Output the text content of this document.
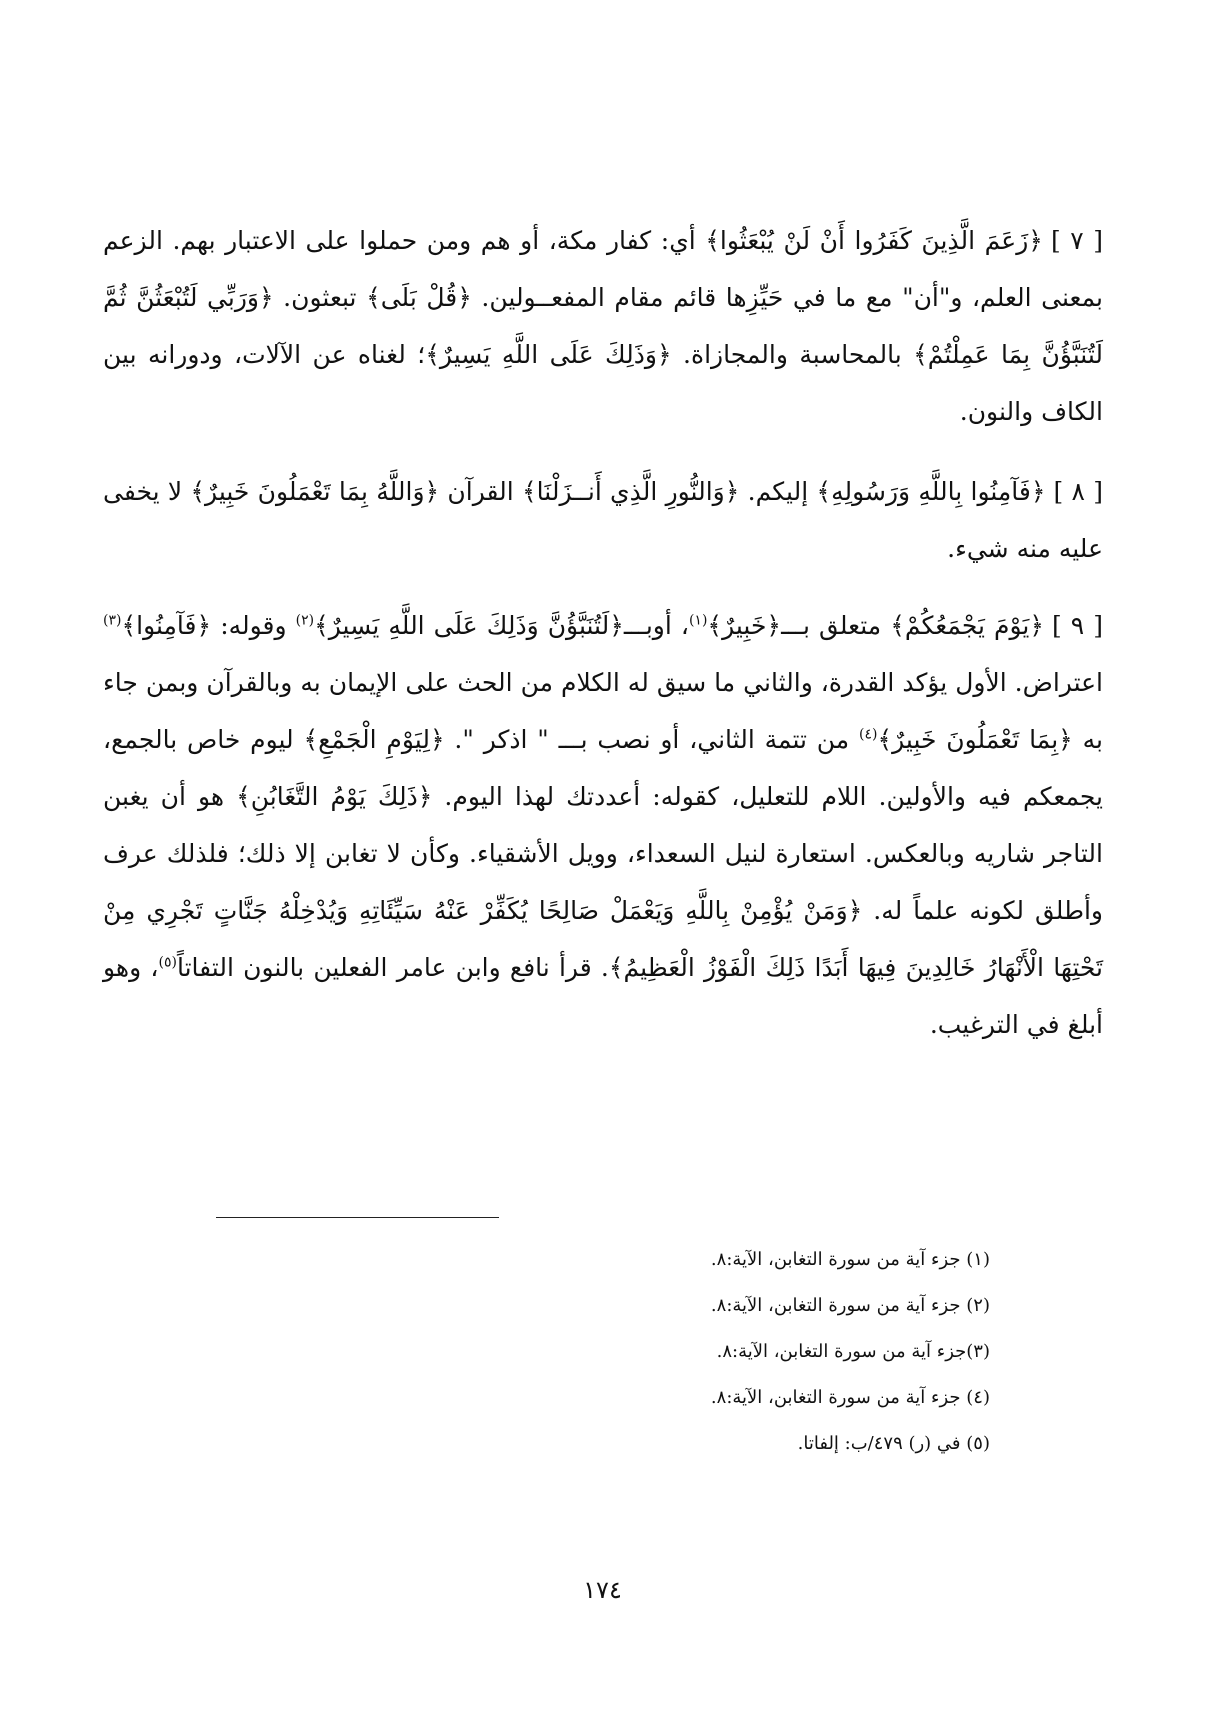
[ ٧ ]﴿زَعَمَ الَّذِينَ كَفَرُوا أَنْ لَنْ يُبْعَثُوا﴾ أي: كفار مكة، أو هم ومن حملوا على الاعتبار بهم. الزعم بمعنى العلم، و"أن" مع ما في حَيِّزِها قائم مقام المفعــولين. ﴿قُلْ بَلَى﴾ تبعثون. ﴿وَرَبِّي لَتُبْعَثُنَّ ثُمَّ لَتُنَبَّؤُنَّ بِمَا عَمِلْتُمْ﴾ بالمحاسبة والمجازاة. ﴿وَذَلِكَ عَلَى اللَّهِ يَسِيرٌ﴾؛ لغناه عن الآلات، ودورانه بين الكاف والنون.

[ ٨ ]﴿فَآمِنُوا بِاللَّهِ وَرَسُولِهِ﴾ إليكم. ﴿وَالنُّورِ الَّذِي أَنــزَلْنَا﴾ القرآن ﴿وَاللَّهُ بِمَا تَعْمَلُونَ خَبِيرٌ﴾ لا يخفى عليه منه شيء.

[ ٩ ]﴿يَوْمَ يَجْمَعُكُمْ﴾ متعلق بـــ﴿خَبِيرٌ﴾$^{(١)}$، أوبـــ﴿لَتُنَبَّؤُنَّ وَذَلِكَ عَلَى اللَّهِ يَسِيرٌ﴾$^{(٢)}$ وقوله: ﴿فَآمِنُوا﴾$^{(٣)}$ اعتراض. الأول يؤكد القدرة، والثاني ما سيق له الكلام من الحث على الإيمان به وبالقرآن وبمن جاء به ﴿بِمَا تَعْمَلُونَ خَبِيرٌ﴾$^{(٤)}$ من تتمة الثاني، أو نصب بـــ " اذكر ". ﴿لِيَوْمِ الْجَمْعِ﴾ ليوم خاص بالجمع، يجمعكم فيه والأولين. اللام للتعليل، كقوله: أعددتك لهذا اليوم. ﴿ذَلِكَ يَوْمُ التَّغَابُنِ﴾ هو أن يغبن التاجر شاريه وبالعكس. استعارة لنيل السعداء، وويل الأشقياء. وكأن لا تغابن إلا ذلك؛ فلذلك عرف وأطلق لكونه علماً له. ﴿وَمَنْ يُؤْمِنْ بِاللَّهِ وَيَعْمَلْ صَالِحًا يُكَفِّرْ عَنْهُ سَيِّئَاتِهِ وَيُدْخِلْهُ جَنَّاتٍ تَجْرِي مِنْ تَحْتِهَا الْأَنْهَارُ خَالِدِينَ فِيهَا أَبَدًا ذَلِكَ الْفَوْزُ الْعَظِيمُ﴾. قرأ نافع وابن عامر الفعلين بالنون التفاتاً$^{(٥)}$، وهو أبلغ في الترغيب.

(١) جزء آية من سورة التغابن، الآية:٨.

(٢) جزء آية من سورة التغابن، الآية:٨.

(٣)جزء آية من سورة التغابن، الآية:٨.

(٤) جزء آية من سورة التغابن، الآية:٨.

(٥) في (ر) ٤٧٩/ب: إلفاتا.

١٧٤
